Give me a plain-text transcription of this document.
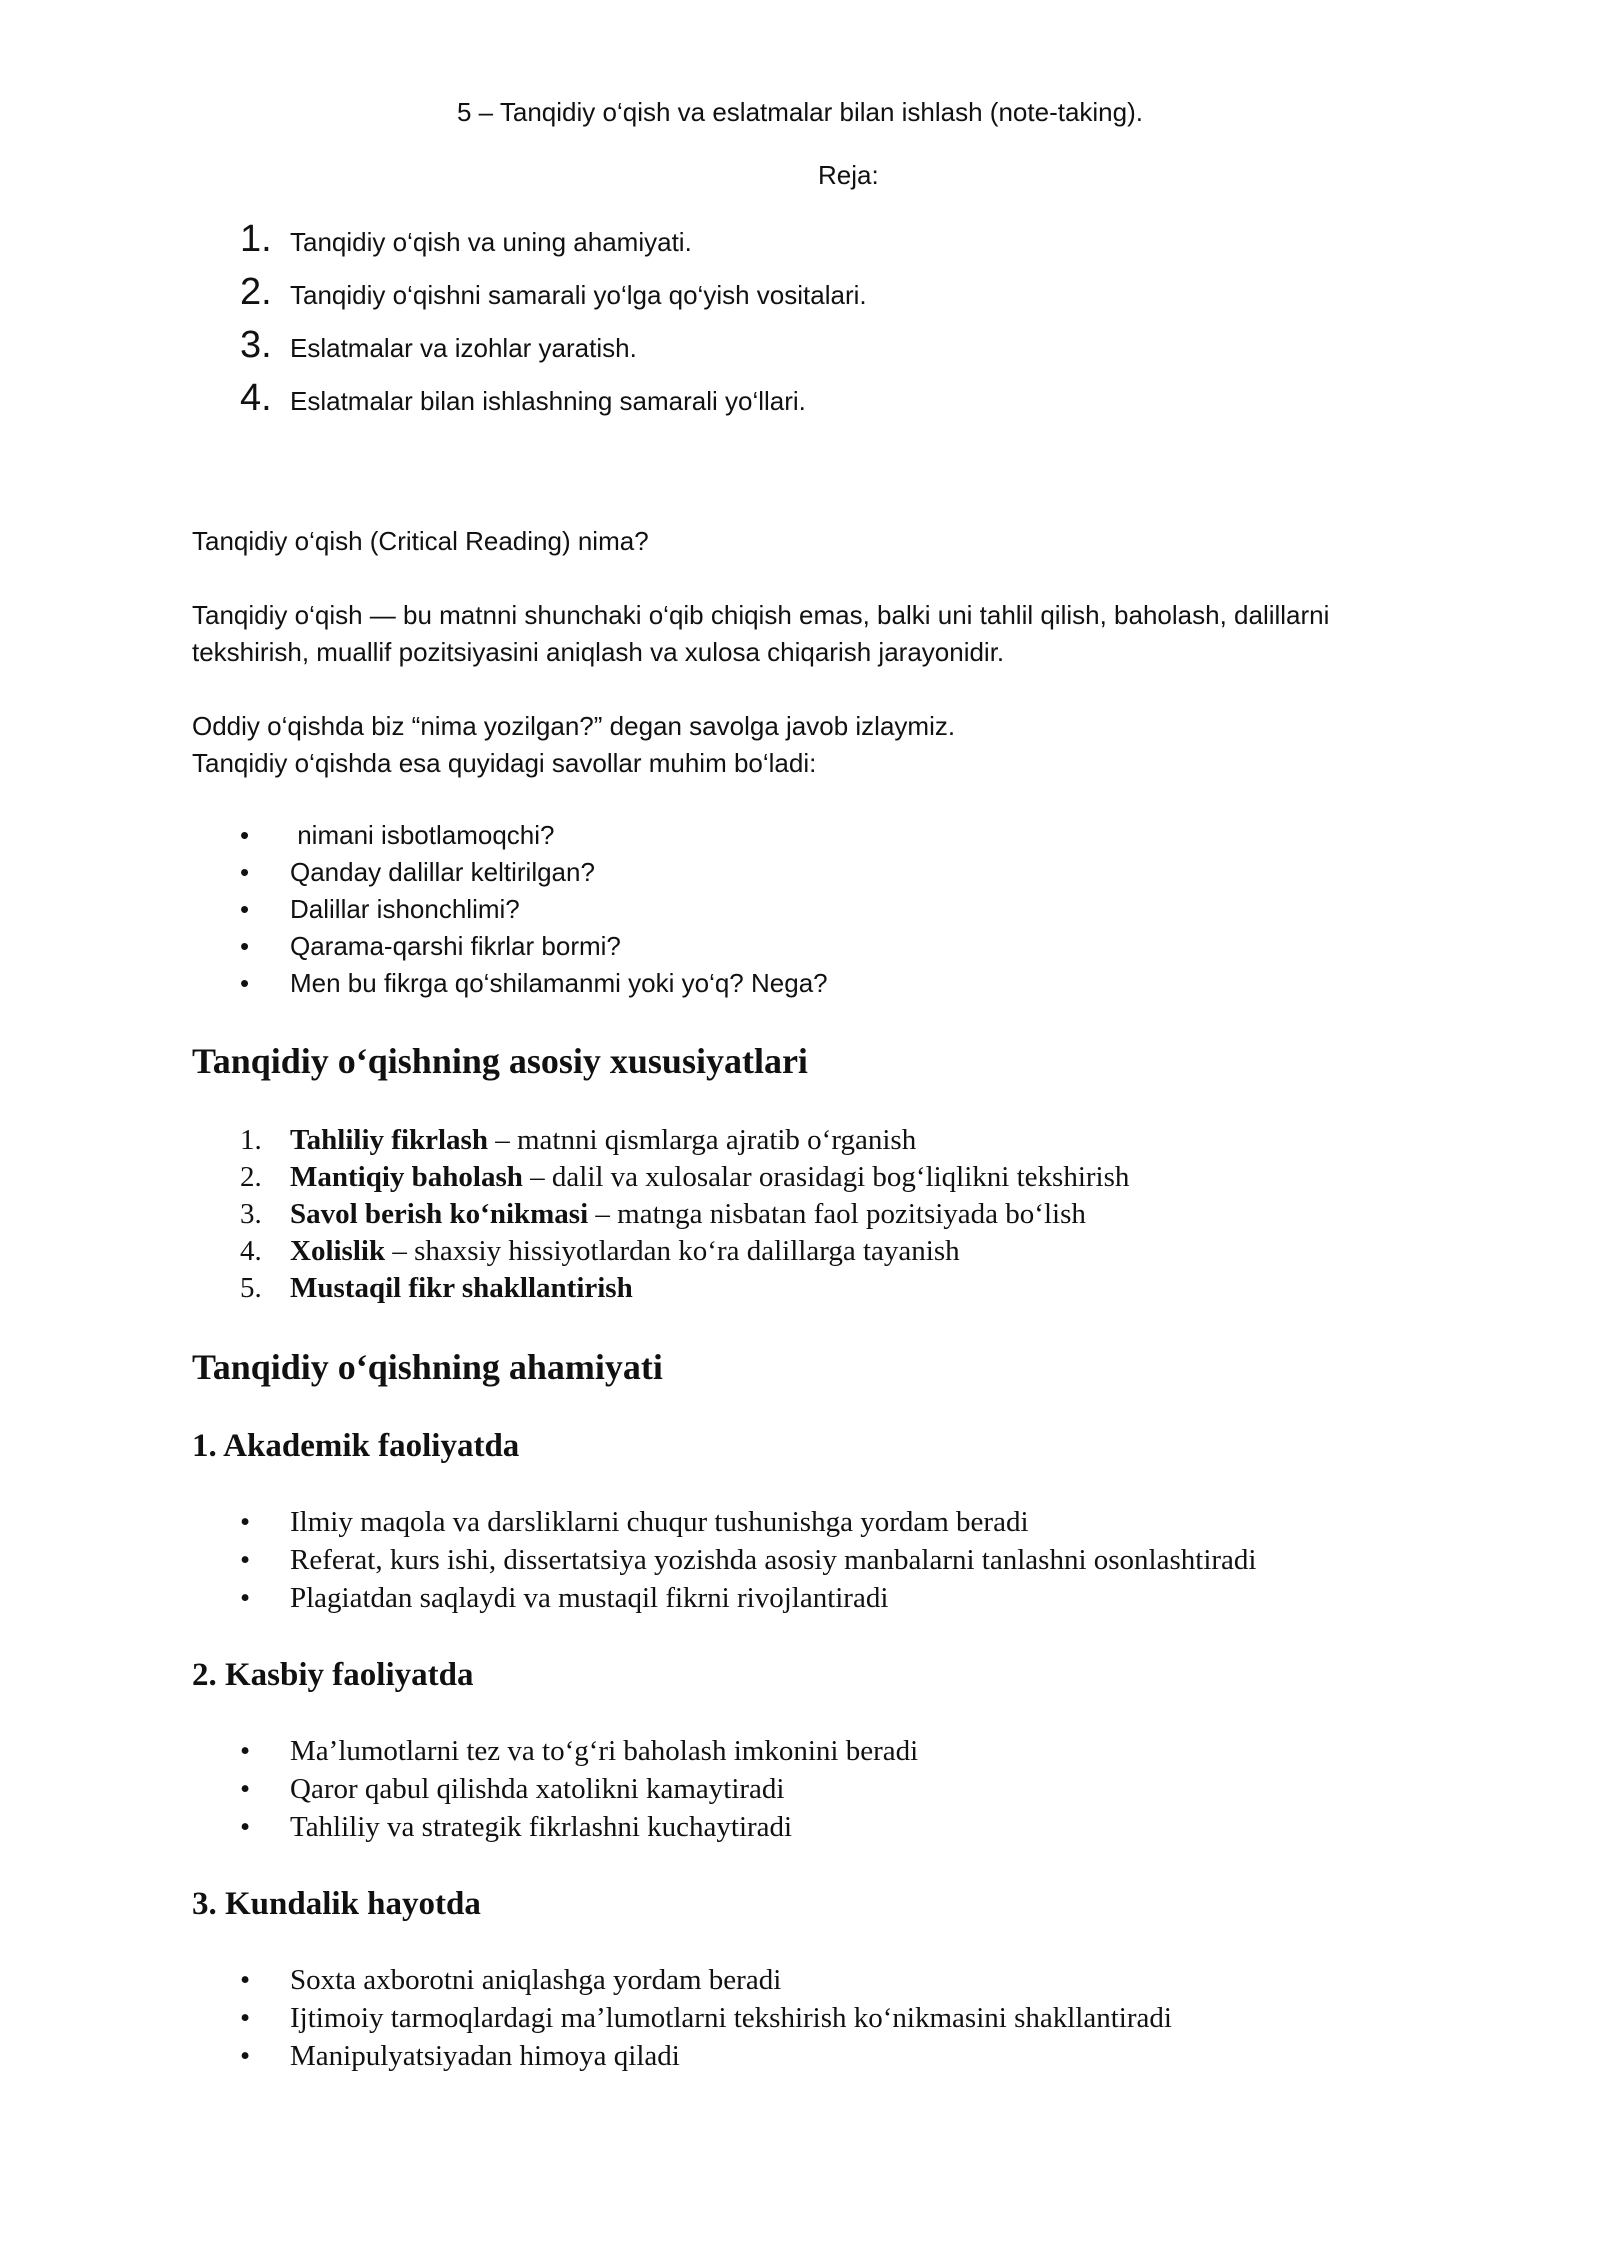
5 – Tanqidiy o‘qish va eslatmalar bilan ishlash (note-taking).
Reja:
1. Tanqidiy o‘qish va uning ahamiyati.
2. Tanqidiy o‘qishni samarali yo‘lga qo‘yish vositalari.
3. Eslatmalar va izohlar yaratish.
4. Eslatmalar bilan ishlashning samarali yo‘llari.

Tanqidiy o‘qish (Critical Reading) nima?

Tanqidiy o‘qish — bu matnni shunchaki o‘qib chiqish emas, balki uni tahlil qilish, baholash, dalillarni tekshirish, muallif pozitsiyasini aniqlash va xulosa chiqarish jarayonidir.

Oddiy o‘qishda biz “nima yozilgan?” degan savolga javob izlaymiz.

Tanqidiy o‘qishda esa quyidagi savollar muhim bo‘ladi:

•	nimani isbotlamoqchi?
•	Qanday dalillar keltirilgan?
•	Dalillar ishonchlimi?
•	Qarama-qarshi fikrlar bormi?
•	Men bu fikrga qo‘shilamanmi yoki yo‘q? Nega?
Tanqidiy o‘qishning asosiy xususiyatlari
1. Tahliliy fikrlash – matnni qismlarga ajratib o‘rganish
2. Mantiqiy baholash – dalil va xulosalar orasidagi bog‘liqlikni tekshirish
3. Savol berish ko‘nikmasi – matnga nisbatan faol pozitsiyada bo‘lish
4. Xolislik – shaxsiy hissiyotlardan ko‘ra dalillarga tayanish
5. Mustaqil fikr shakllantirish
Tanqidiy o‘qishning ahamiyati
1. Akademik faoliyatda
•	Ilmiy maqola va darsliklarni chuqur tushunishga yordam beradi
•	Referat, kurs ishi, dissertatsiya yozishda asosiy manbalarni tanlashni osonlashtiradi
•	Plagiatdan saqlaydi va mustaqil fikrni rivojlantiradi
2. Kasbiy faoliyatda
•	Ma’lumotlarni tez va to‘g‘ri baholash imkonini beradi
•	Qaror qabul qilishda xatolikni kamaytiradi
•	Tahliliy va strategik fikrlashni kuchaytiradi
3. Kundalik hayotda
•	Soxta axborotni aniqlashga yordam beradi
•	Ijtimoiy tarmoqlardagi ma’lumotlarni tekshirish ko‘nikmasini shakllantiradi
•	Manipulyatsiyadan himoya qiladi
